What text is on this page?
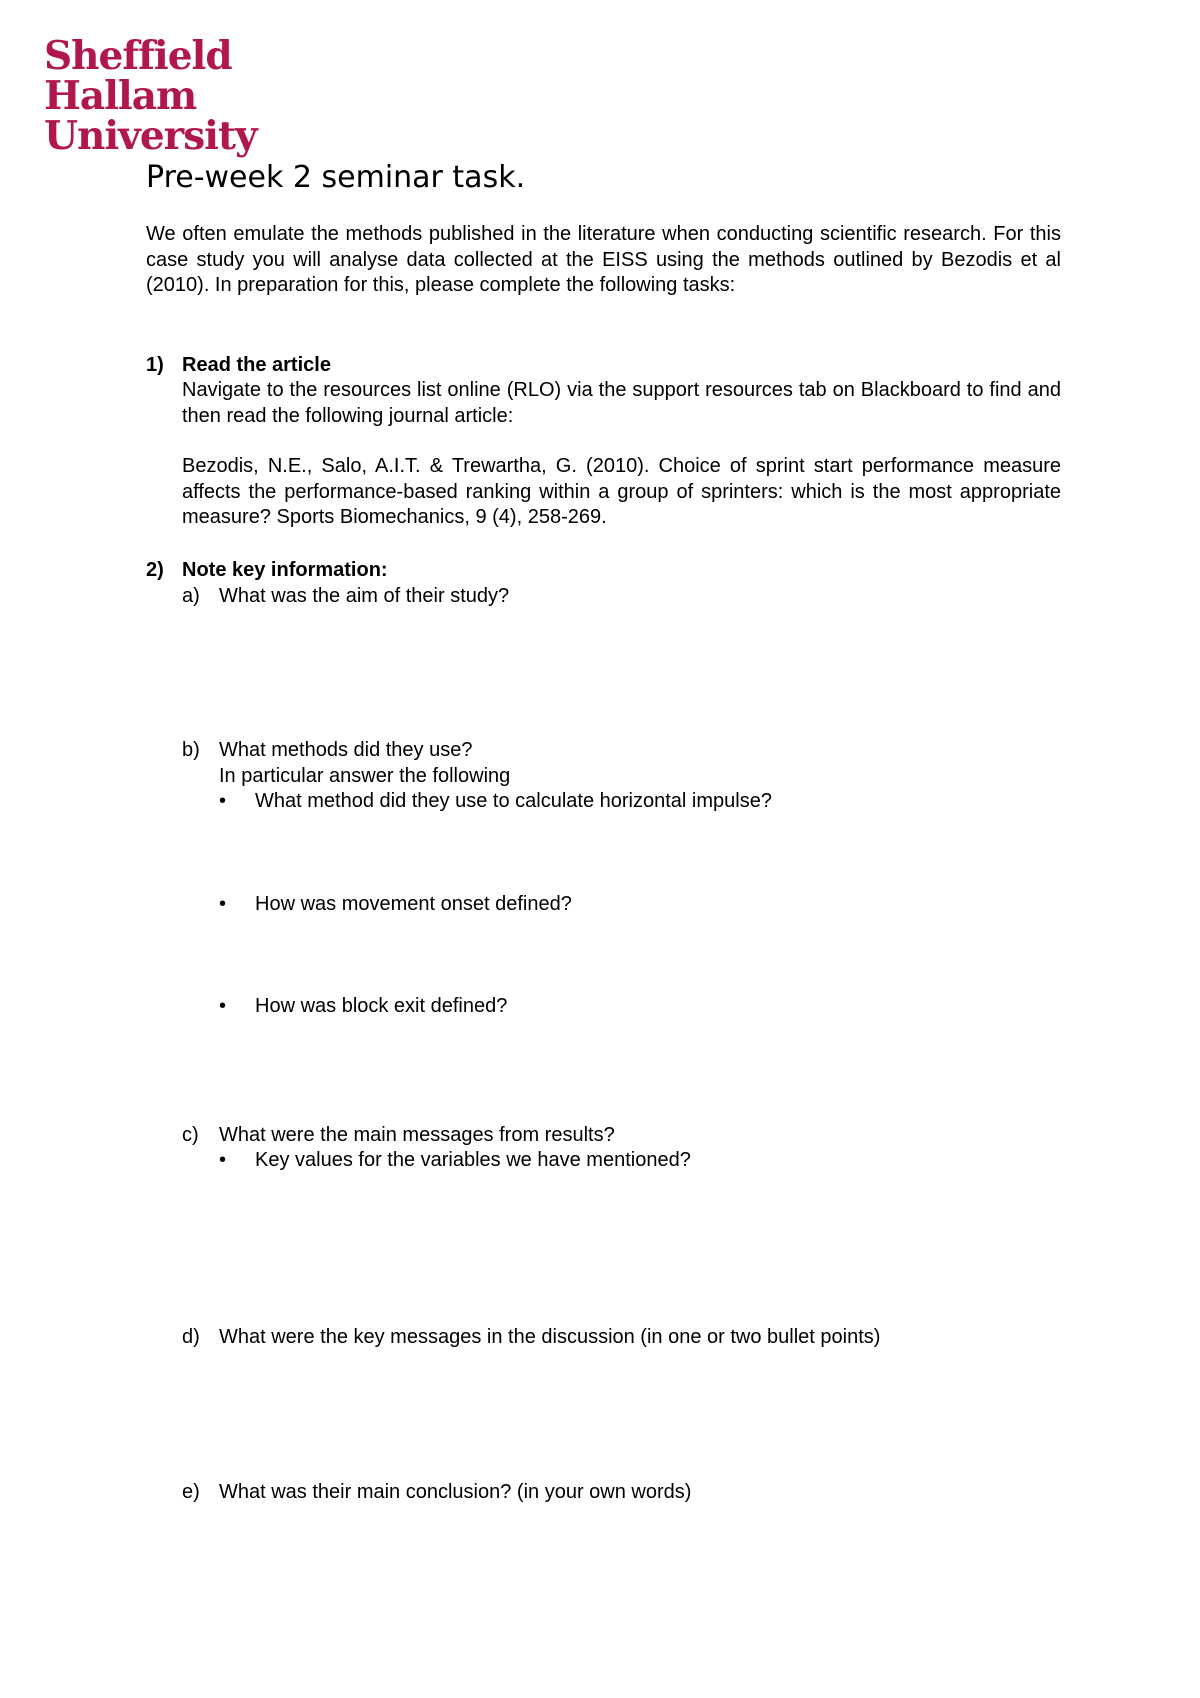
Sheffield
Hallam
University
Pre-week 2 seminar task.

We often emulate the methods published in the literature when conducting scientific research. For this case study you will analyse data collected at the EISS using the methods outlined by Bezodis et al (2010). In preparation for this, please complete the following tasks:

1) Read the article

Navigate to the resources list online (RLO) via the support resources tab on Blackboard to find and then read the following journal article:

Bezodis, N.E., Salo, A.I.T. & Trewartha, G. (2010). Choice of sprint start performance measure affects the performance-based ranking within a group of sprinters: which is the most appropriate measure? Sports Biomechanics, 9 (4), 258-269.

2) Note key information:
a) What was the aim of their study?
b) What methods did they use?
In particular answer the following
• What method did they use to calculate horizontal impulse?
• How was movement onset defined?
• How was block exit defined?
c) What were the main messages from results?
• Key values for the variables we have mentioned?
d) What were the key messages in the discussion (in one or two bullet points)
e) What was their main conclusion? (in your own words)
